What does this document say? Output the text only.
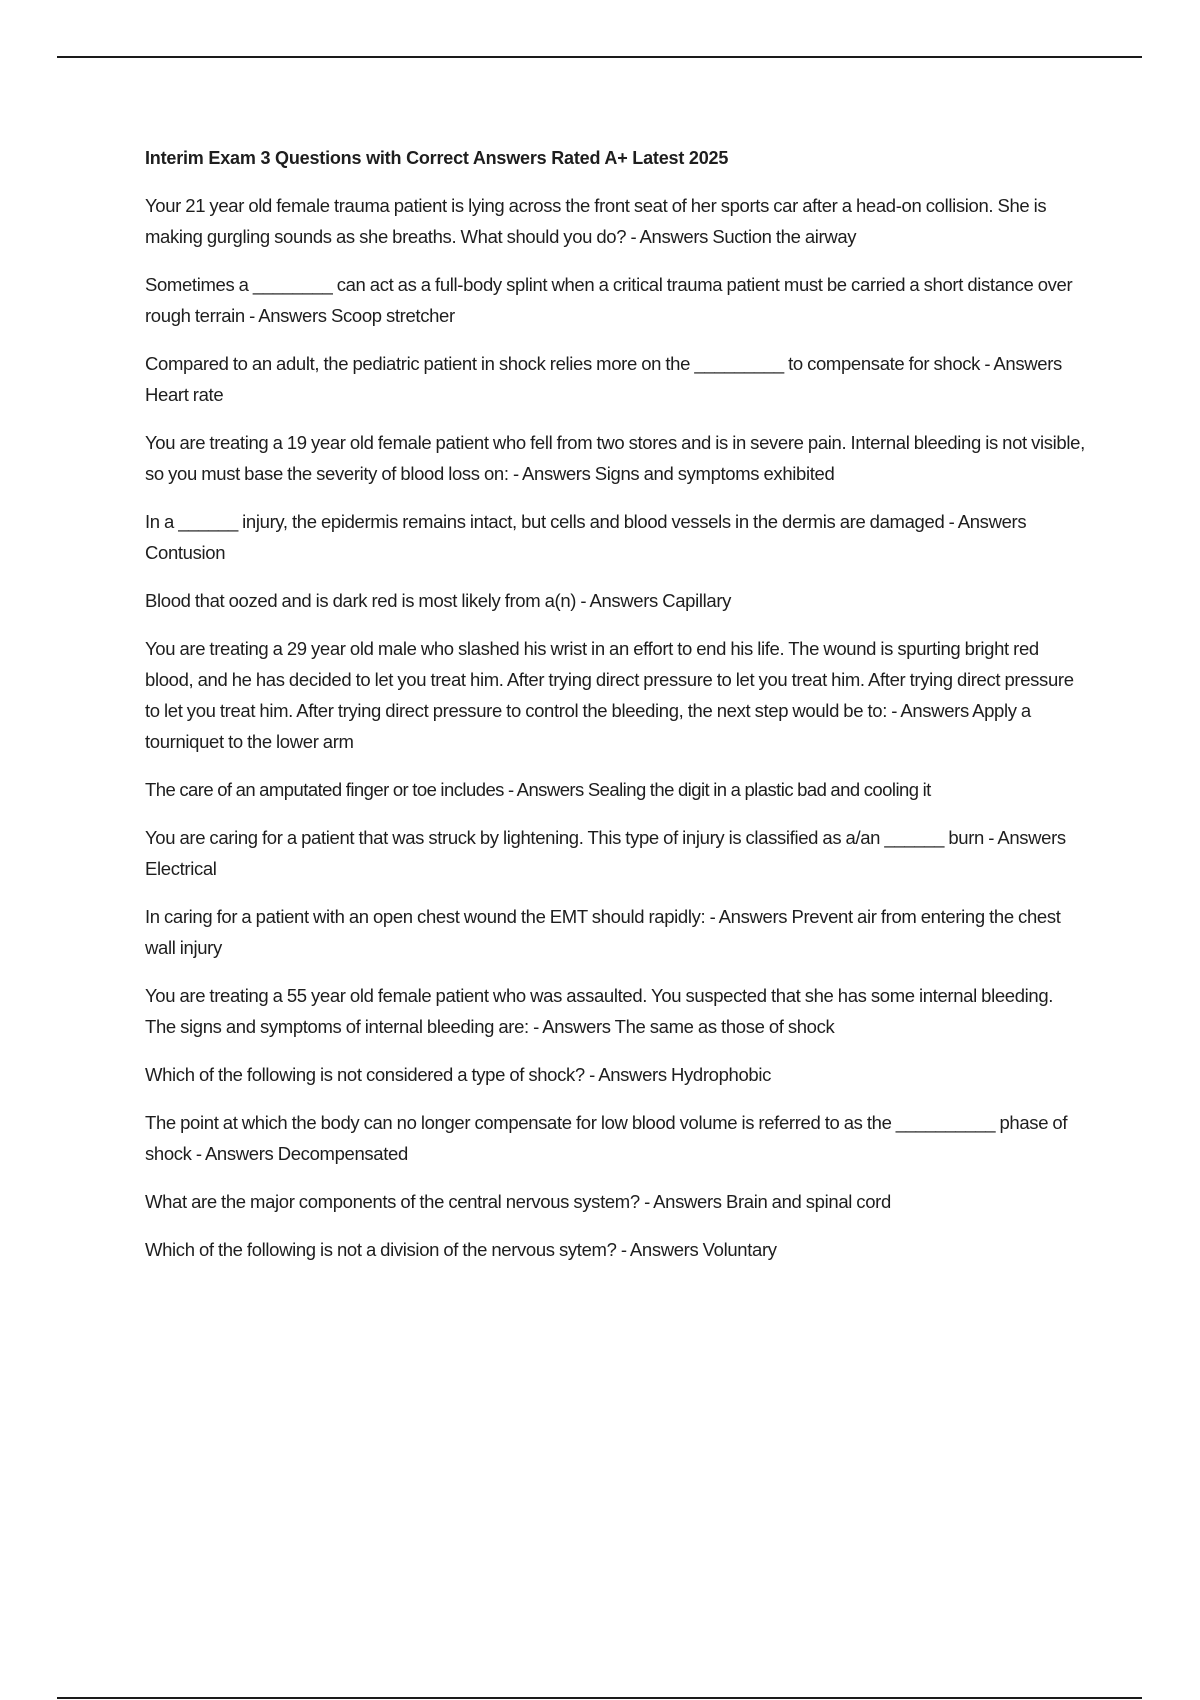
Interim Exam 3 Questions with Correct Answers Rated A+ Latest 2025

Your 21 year old female trauma patient is lying across the front seat of her sports car after a head-on collision. She is making gurgling sounds as she breaths. What should you do? - Answers Suction the airway

Sometimes a ________ can act as a full-body splint when a critical trauma patient must be carried a short distance over rough terrain - Answers Scoop stretcher

Compared to an adult, the pediatric patient in shock relies more on the _________ to compensate for shock - Answers Heart rate

You are treating a 19 year old female patient who fell from two stores and is in severe pain. Internal bleeding is not visible, so you must base the severity of blood loss on: - Answers Signs and symptoms exhibited

In a ______ injury, the epidermis remains intact, but cells and blood vessels in the dermis are damaged - Answers Contusion

Blood that oozed and is dark red is most likely from a(n) - Answers Capillary

You are treating a 29 year old male who slashed his wrist in an effort to end his life. The wound is spurting bright red blood, and he has decided to let you treat him. After trying direct pressure to let you treat him. After trying direct pressure to let you treat him. After trying direct pressure to control the bleeding, the next step would be to: - Answers Apply a tourniquet to the lower arm

The care of an amputated finger or toe includes - Answers Sealing the digit in a plastic bad and cooling it

You are caring for a patient that was struck by lightening. This type of injury is classified as a/an ______ burn - Answers Electrical

In caring for a patient with an open chest wound the EMT should rapidly: - Answers Prevent air from entering the chest wall injury

You are treating a 55 year old female patient who was assaulted. You suspected that she has some internal bleeding. The signs and symptoms of internal bleeding are: - Answers The same as those of shock

Which of the following is not considered a type of shock? - Answers Hydrophobic

The point at which the body can no longer compensate for low blood volume is referred to as the __________ phase of shock - Answers Decompensated

What are the major components of the central nervous system? - Answers Brain and spinal cord

Which of the following is not a division of the nervous sytem? - Answers Voluntary
